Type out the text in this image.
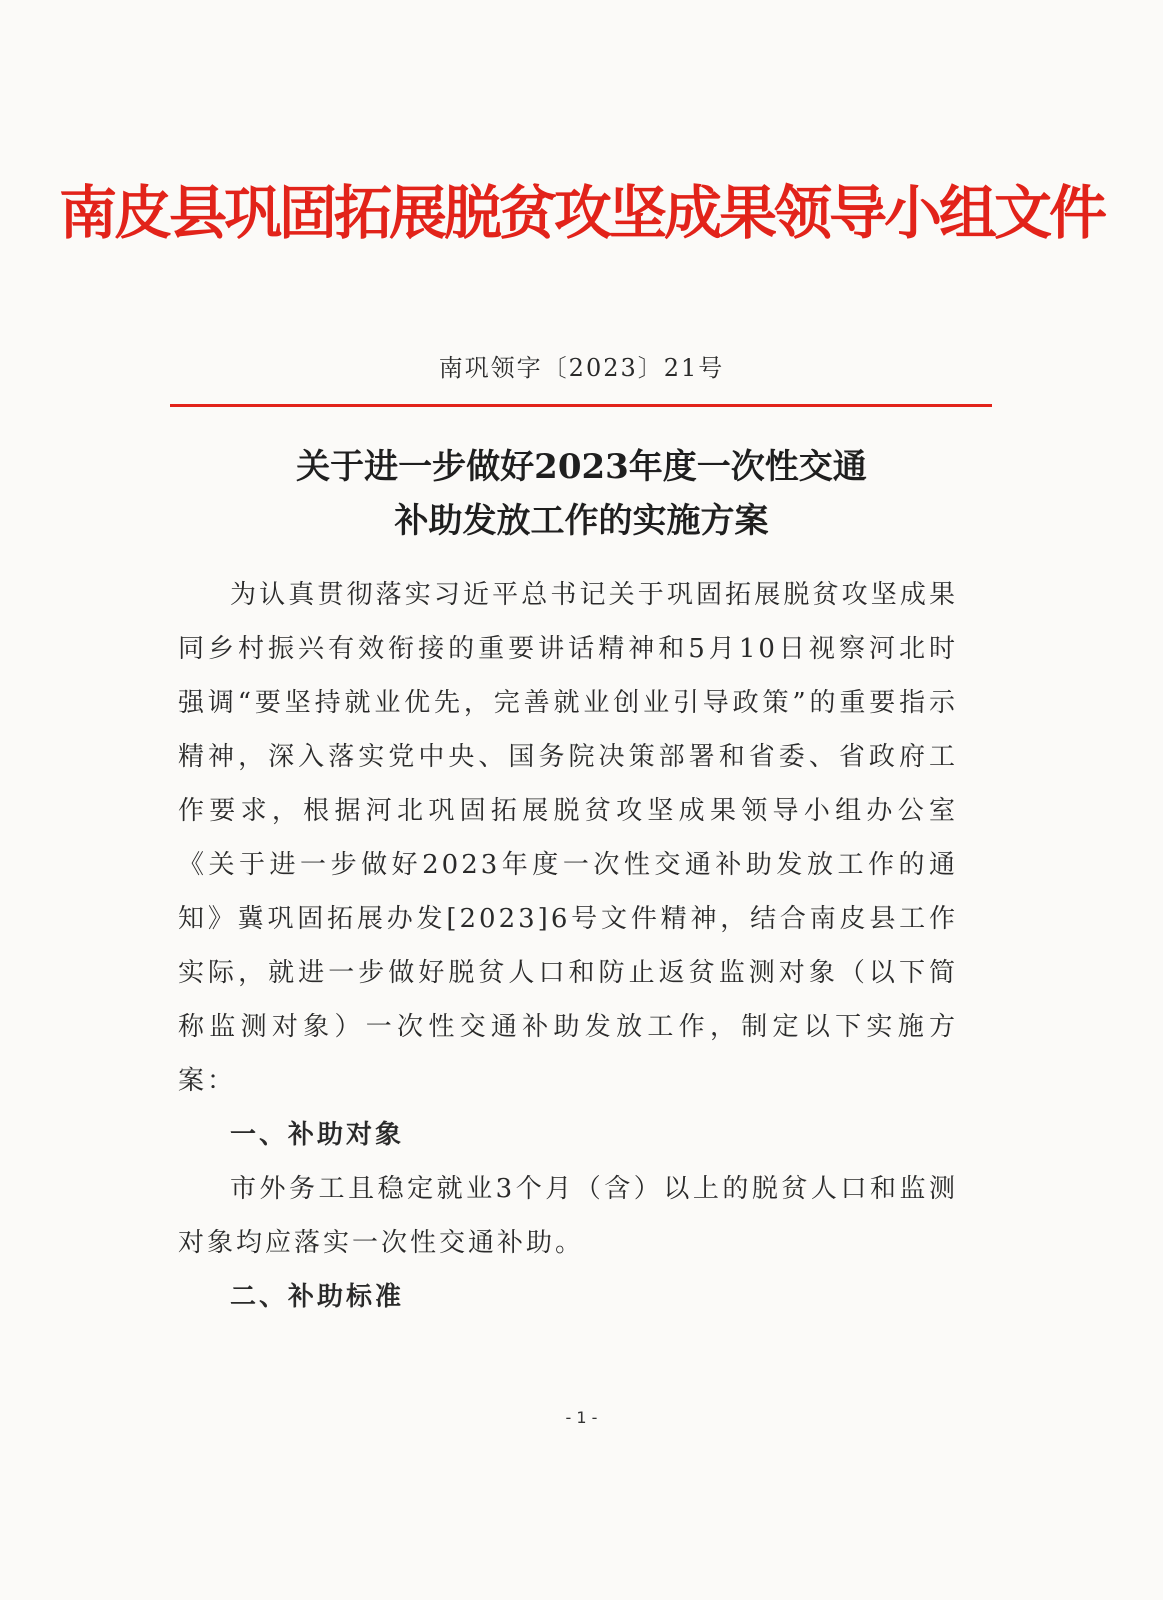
南皮县巩固拓展脱贫攻坚成果领导小组文件
南巩领字〔2023〕21号
关于进一步做好2023年度一次性交通
补助发放工作的实施方案

为认真贯彻落实习近平总书记关于巩固拓展脱贫攻坚成果同乡村振兴有效衔接的重要讲话精神和5月10日视察河北时强调“要坚持就业优先，完善就业创业引导政策”的重要指示精神，深入落实党中央、国务院决策部署和省委、省政府工作要求，根据河北巩固拓展脱贫攻坚成果领导小组办公室《关于进一步做好2023年度一次性交通补助发放工作的通知》冀巩固拓展办发[2023]6号文件精神，结合南皮县工作实际，就进一步做好脱贫人口和防止返贫监测对象（以下简称监测对象）一次性交通补助发放工作，制定以下实施方案：

一、补助对象

市外务工且稳定就业3个月（含）以上的脱贫人口和监测对象均应落实一次性交通补助。

二、补助标准

- 1 -
